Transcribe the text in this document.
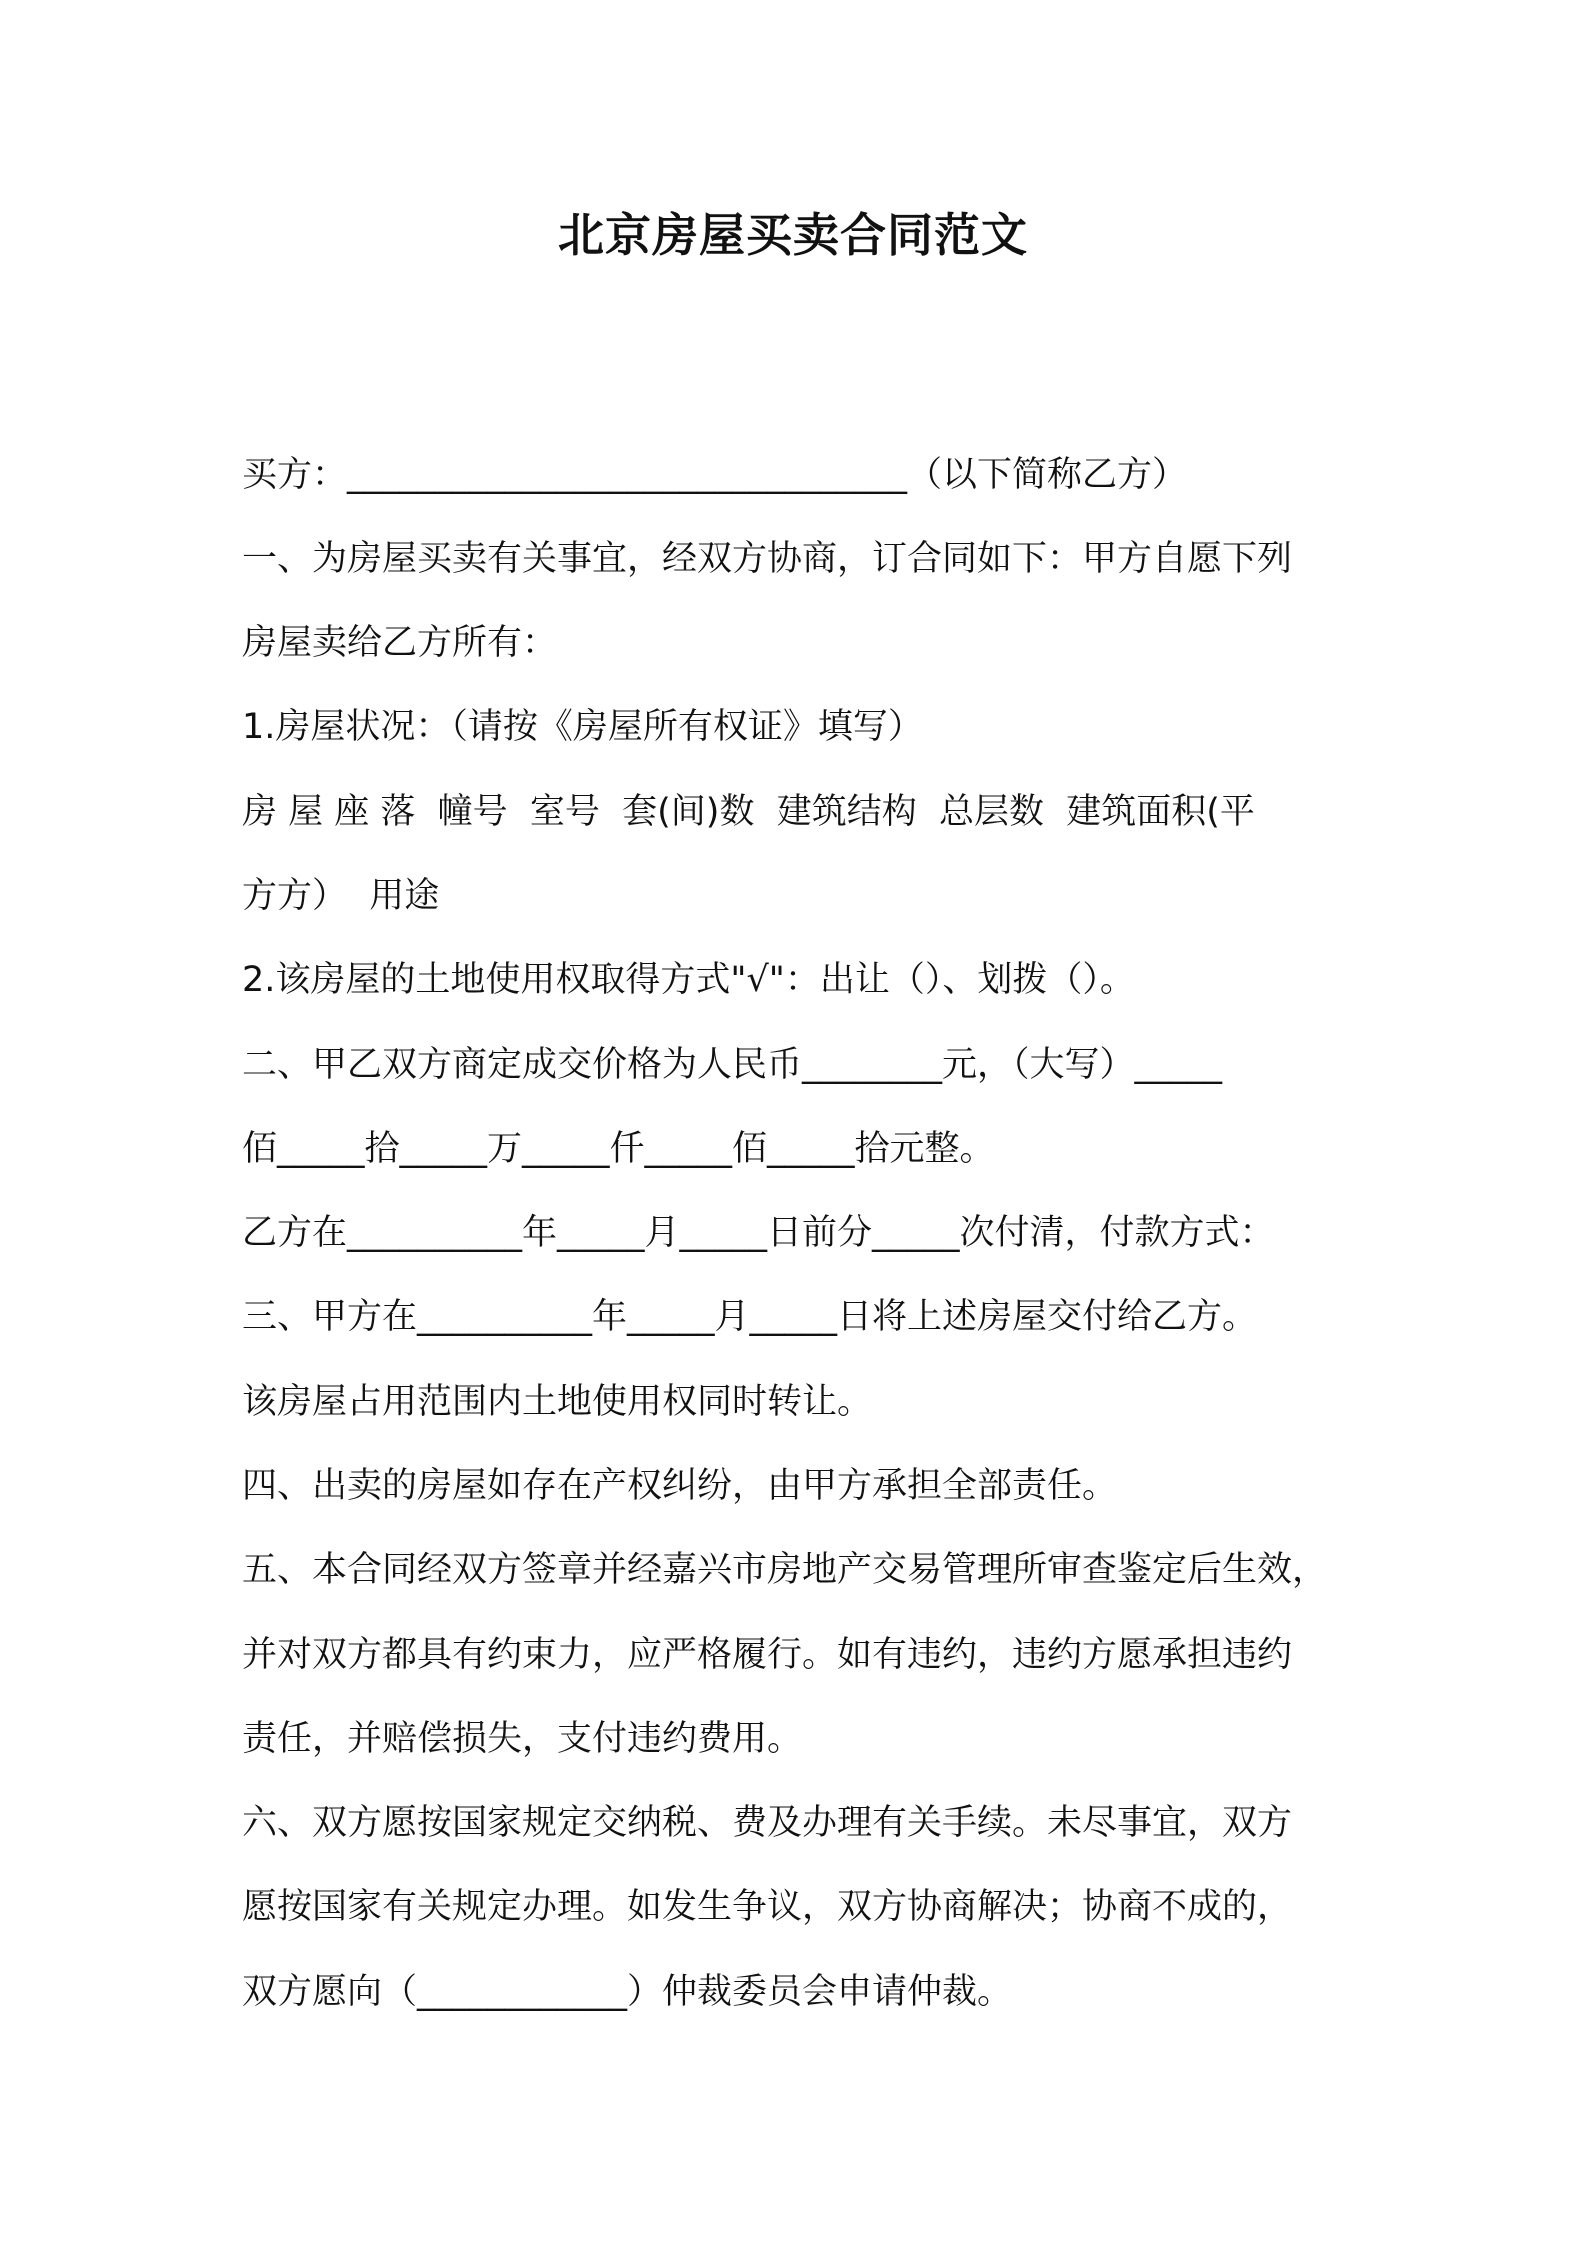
北京房屋买卖合同范文
买方：________________________________（以下简称乙方）
一、为房屋买卖有关事宜，经双方协商，订合同如下：甲方自愿下列
房屋卖给乙方所有：
1.房屋状况：（请按《房屋所有权证》填写）
房 屋 座 落  幢号  室号  套(间)数  建筑结构  总层数  建筑面积(平
方方）  用途
2.该房屋的土地使用权取得方式"√"：出让（）、划拨（）。
二、甲乙双方商定成交价格为人民币________元，（大写）_____
佰_____拾_____万_____仟_____佰_____拾元整。
乙方在__________年_____月_____日前分_____次付清，付款方式：
三、甲方在__________年_____月_____日将上述房屋交付给乙方。
该房屋占用范围内土地使用权同时转让。
四、出卖的房屋如存在产权纠纷，由甲方承担全部责任。
五、本合同经双方签章并经嘉兴市房地产交易管理所审查鉴定后生效，
并对双方都具有约束力，应严格履行。如有违约，违约方愿承担违约
责任，并赔偿损失，支付违约费用。
六、双方愿按国家规定交纳税、费及办理有关手续。未尽事宜，双方
愿按国家有关规定办理。如发生争议，双方协商解决；协商不成的，
双方愿向（____________）仲裁委员会申请仲裁。
